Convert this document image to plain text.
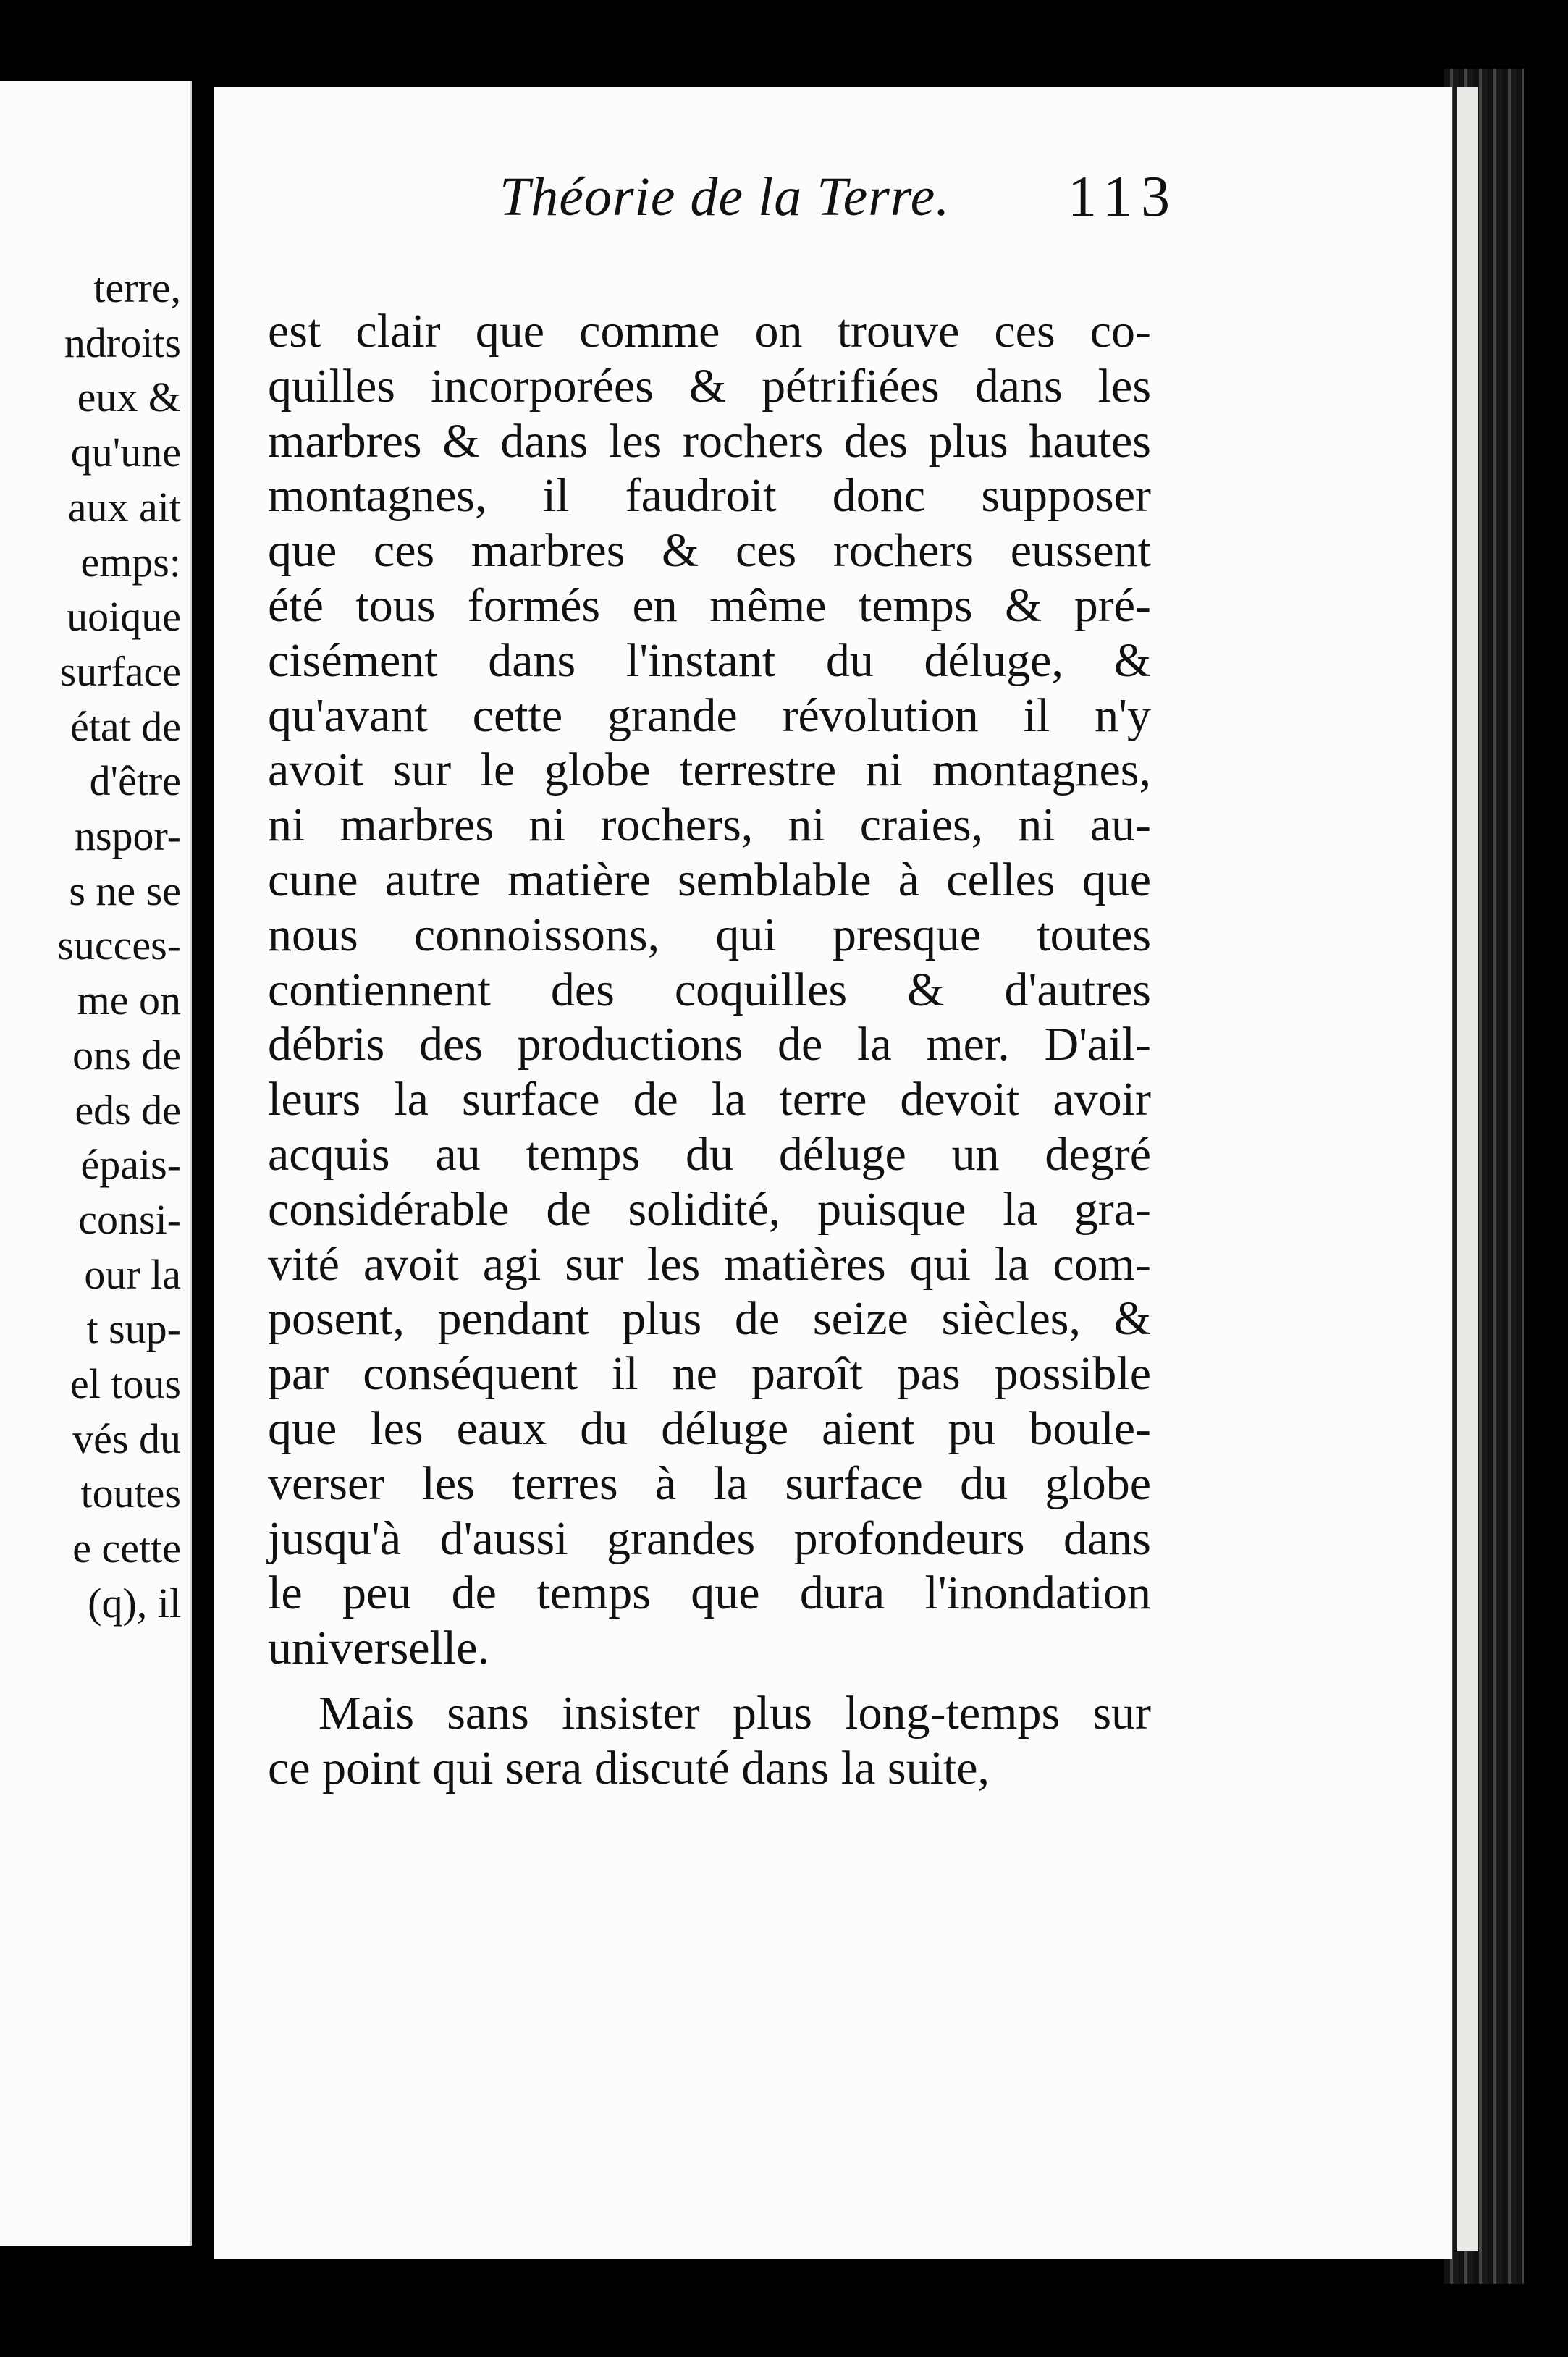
terre,
ndroits
eux &
qu'une
aux ait
emps:
uoique
surface
état de
d'être
nspor-
s ne se
succes-
me on
ons de
eds de
épais-
consi-
our la
t sup-
el tous
vés du
toutes
e cette
(q), il
Théorie de la Terre. 113
est clair que comme on trouve ces co-
quilles incorporées & pétrifiées dans les
marbres & dans les rochers des plus hautes
montagnes, il faudroit donc supposer
que ces marbres & ces rochers eussent
été tous formés en même temps & pré-
cisément dans l'instant du déluge, &
qu'avant cette grande révolution il n'y
avoit sur le globe terrestre ni montagnes,
ni marbres ni rochers, ni craies, ni au-
cune autre matière semblable à celles que
nous connoissons, qui presque toutes
contiennent des coquilles & d'autres
débris des productions de la mer. D'ail-
leurs la surface de la terre devoit avoir
acquis au temps du déluge un degré
considérable de solidité, puisque la gra-
vité avoit agi sur les matières qui la com-
posent, pendant plus de seize siècles, &
par conséquent il ne paroît pas possible
que les eaux du déluge aient pu boule-
verser les terres à la surface du globe
jusqu'à d'aussi grandes profondeurs dans
le peu de temps que dura l'inondation
universelle.
Mais sans insister plus long-temps sur
ce point qui sera discuté dans la suite,
